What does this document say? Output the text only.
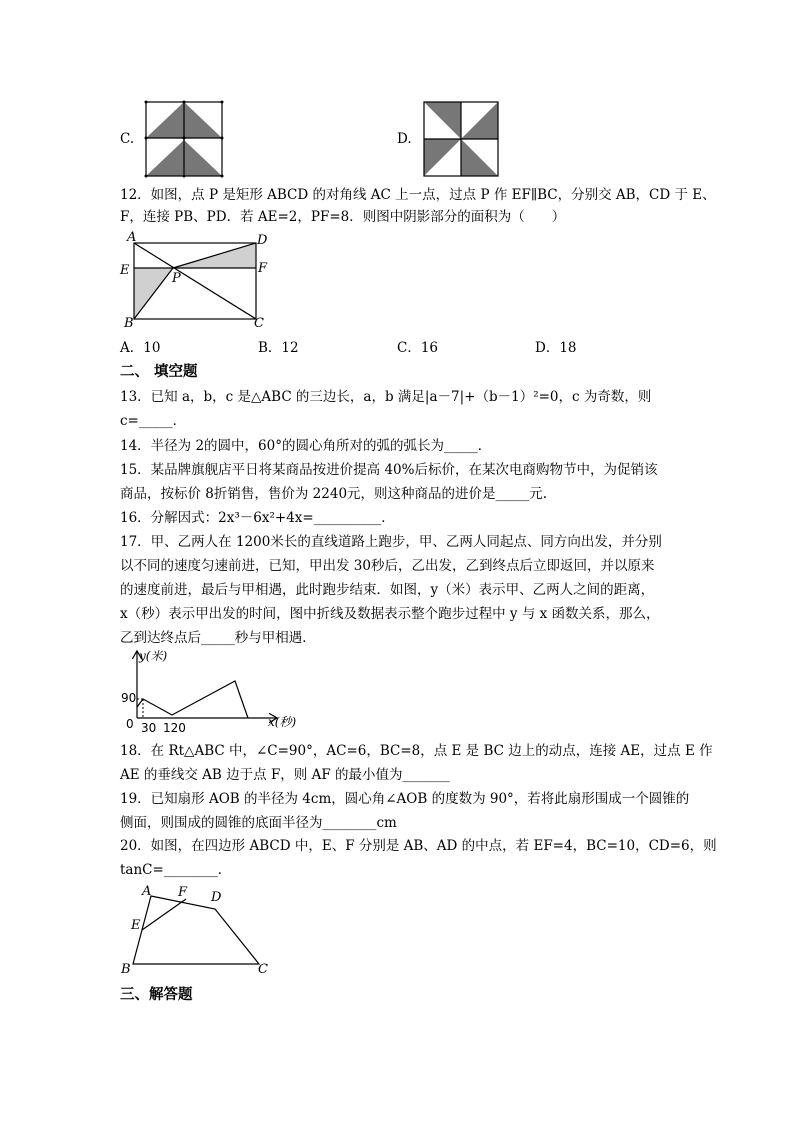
C.	D.
12．如图，点 P 是矩形 ABCD 的对角线 AC 上一点，过点 P 作 EF∥BC，分别交 AB，CD 于 E、
F，连接 PB、PD．若 AE=2，PF=8．则图中阴影部分的面积为（　　）
A	D
E	F
P
B	C
A．10	B．12	C．16	D．18
二、 填空题
13．已知 a，b，c 是△ABC 的三边长，a，b 满足|a－7|+（b－1）²=0，c 为奇数，则
c=_____．
14．半径为 2的圆中，60°的圆心角所对的弧的弧长为_____．
15．某品牌旗舰店平日将某商品按进价提高 40%后标价，在某次电商购物节中，为促销该
商品，按标价 8折销售，售价为 2240元，则这种商品的进价是_____元.
16．分解因式：2x³－6x²+4x=__________．
17．甲、乙两人在 1200米长的直线道路上跑步，甲、乙两人同起点、同方向出发，并分别
以不同的速度匀速前进，已知，甲出发 30秒后，乙出发，乙到终点后立即返回，并以原来
的速度前进，最后与甲相遇，此时跑步结束．如图，y（米）表示甲、乙两人之间的距离，
x（秒）表示甲出发的时间，图中折线及数据表示整个跑步过程中 y 与 x 函数关系，那么，
乙到达终点后_____秒与甲相遇．
y(米)
x(秒)
90
0 30 120
18．在 Rt△ABC 中，∠C=90°，AC=6，BC=8，点 E 是 BC 边上的动点，连接 AE，过点 E 作
AE 的垂线交 AB 边于点 F，则 AF 的最小值为_______
19．已知扇形 AOB 的半径为 4cm，圆心角∠AOB 的度数为 90°，若将此扇形围成一个圆锥的
侧面，则围成的圆锥的底面半径为________cm
20．如图，在四边形 ABCD 中，E、F 分别是 AB、AD 的中点，若 EF=4，BC=10，CD=6，则
tanC=________．
A F D
E
B	C
三、解答题
